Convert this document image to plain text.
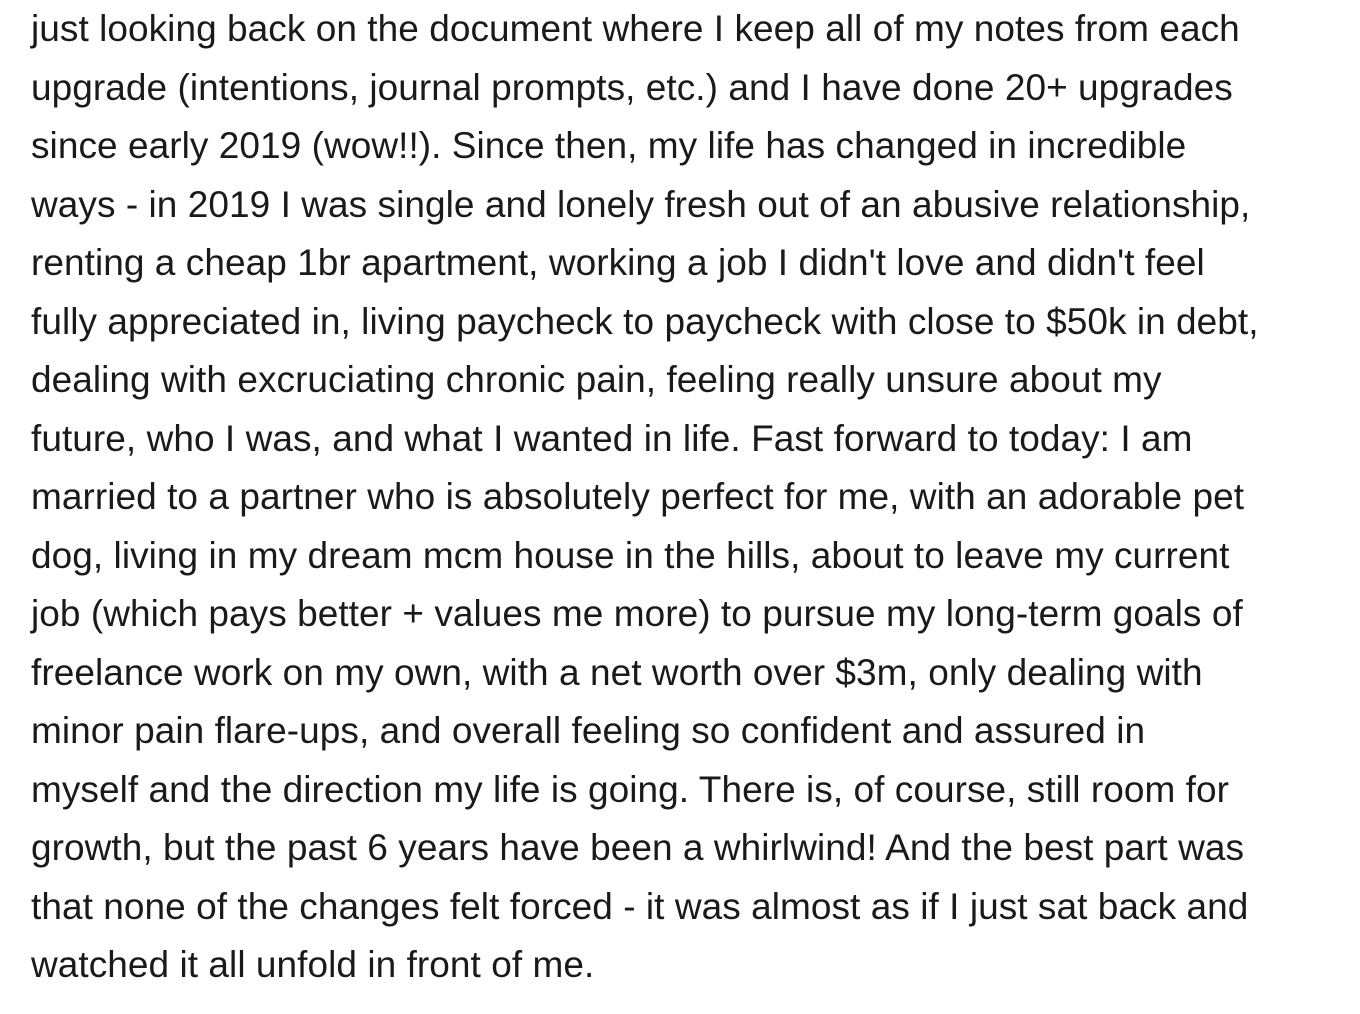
just looking back on the document where I keep all of my notes from each
upgrade (intentions, journal prompts, etc.) and I have done 20+ upgrades
since early 2019 (wow!!). Since then, my life has changed in incredible
ways - in 2019 I was single and lonely fresh out of an abusive relationship,
renting a cheap 1br apartment, working a job I didn't love and didn't feel
fully appreciated in, living paycheck to paycheck with close to $50k in debt,
dealing with excruciating chronic pain, feeling really unsure about my
future, who I was, and what I wanted in life. Fast forward to today: I am
married to a partner who is absolutely perfect for me, with an adorable pet
dog, living in my dream mcm house in the hills, about to leave my current
job (which pays better + values me more) to pursue my long-term goals of
freelance work on my own, with a net worth over $3m, only dealing with
minor pain flare-ups, and overall feeling so confident and assured in
myself and the direction my life is going. There is, of course, still room for
growth, but the past 6 years have been a whirlwind! And the best part was
that none of the changes felt forced - it was almost as if I just sat back and
watched it all unfold in front of me.
